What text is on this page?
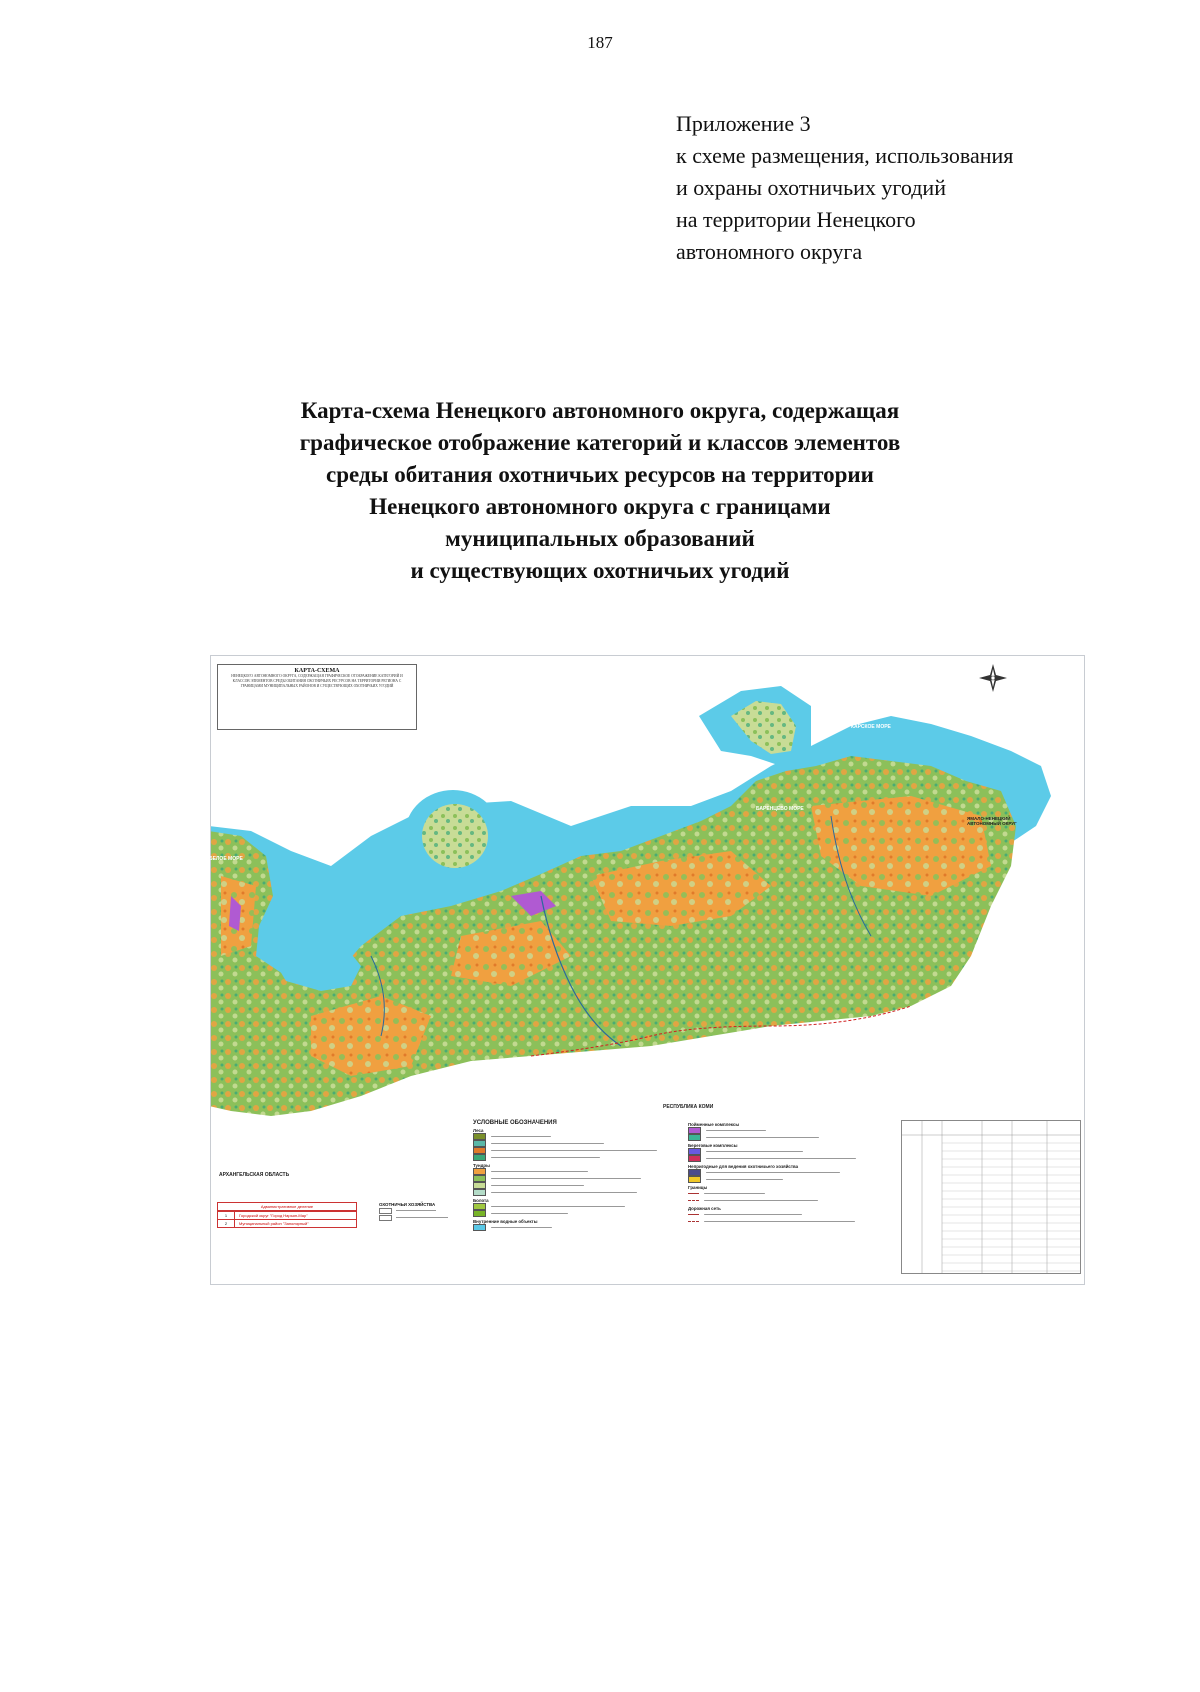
187
Приложение 3
к схеме размещения, использования
и охраны охотничьих угодий
на территории Ненецкого
автономного округа
Карта-схема Ненецкого автономного округа, содержащая
графическое отображение категорий и классов элементов
среды обитания охотничьих ресурсов на территории
Ненецкого автономного округа с границами
муниципальных образований
и существующих охотничьих угодий
КАРТА-СХЕМА
НЕНЕЦКОГО АВТОНОМНОГО ОКРУГА, СОДЕРЖАЩАЯ ГРАФИЧЕСКОЕ ОТОБРАЖЕНИЕ КАТЕГОРИЙ И КЛАССОВ ЭЛЕМЕНТОВ СРЕДЫ ОБИТАНИЯ ОХОТНИЧЬИХ РЕСУРСОВ НА ТЕРРИТОРИИ РЕГИОНА С ГРАНИЦАМИ МУНИЦИПАЛЬНЫХ РАЙОНОВ И СУЩЕСТВУЮЩИХ ОХОТНИЧЬИХ УГОДИЙ
БАРЕНЦЕВО МОРЕ
КАРСКОЕ МОРЕ
БЕЛОЕ МОРЕ
РЕСПУБЛИКА КОМИ
АРХАНГЕЛЬСКАЯ ОБЛАСТЬ
ЯМАЛО-НЕНЕЦКИЙ АВТОНОМНЫЙ ОКРУГ
УСЛОВНЫЕ ОБОЗНАЧЕНИЯ
Леса
Тундры
Болота
Внутренние водные объекты
Пойменные комплексы
Береговые комплексы
Непригодные для ведения охотничьего хозяйства
Границы
Дорожная сеть
Административное деление
1	Городской округ "Город Нарьян-Мар"
2	Муниципальный район "Заполярный"
ОХОТНИЧЬИ ХОЗЯЙСТВА
